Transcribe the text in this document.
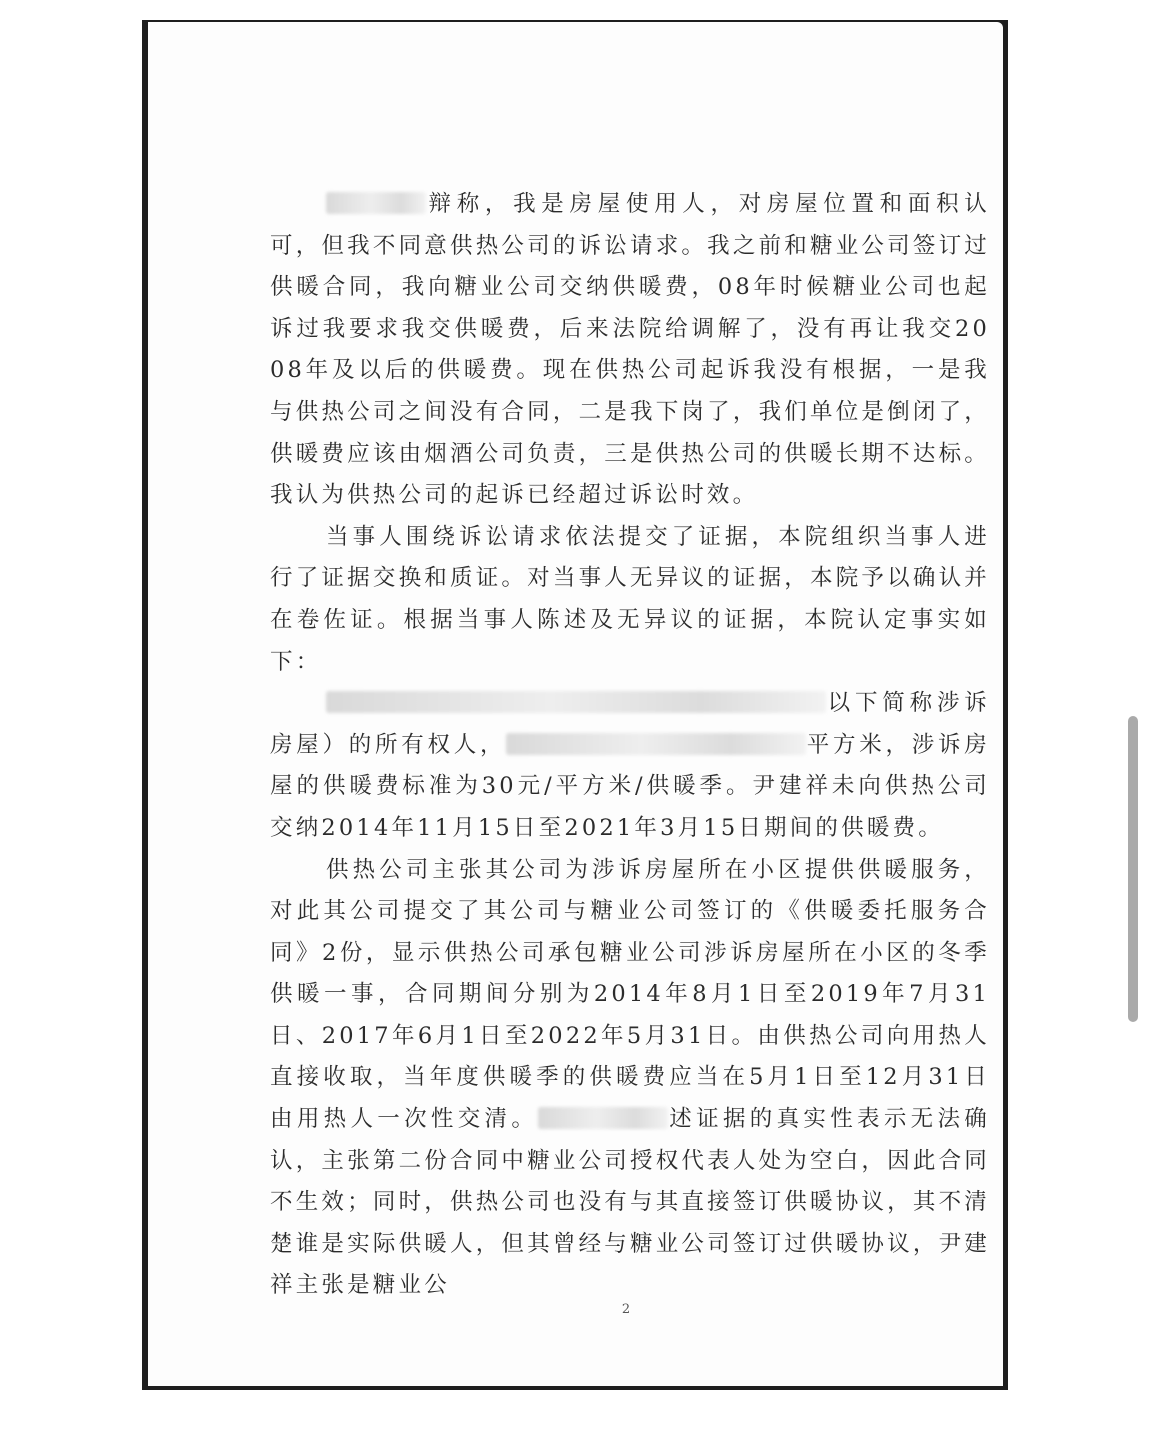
辩称，我是房屋使用人，对房屋位置和面积认可，但我不同意供热公司的诉讼请求。我之前和糖业公司签订过供暖合同，我向糖业公司交纳供暖费，08年时候糖业公司也起诉过我要求我交供暖费，后来法院给调解了，没有再让我交2008年及以后的供暖费。现在供热公司起诉我没有根据，一是我与供热公司之间没有合同，二是我下岗了，我们单位是倒闭了，供暖费应该由烟酒公司负责，三是供热公司的供暖长期不达标。我认为供热公司的起诉已经超过诉讼时效。

当事人围绕诉讼请求依法提交了证据，本院组织当事人进行了证据交换和质证。对当事人无异议的证据，本院予以确认并在卷佐证。根据当事人陈述及无异议的证据，本院认定事实如下：

以下简称涉诉房屋）的所有权人，	平方米，涉诉房屋的供暖费标准为30元/平方米/供暖季。尹建祥未向供热公司交纳2014年11月15日至2021年3月15日期间的供暖费。

供热公司主张其公司为涉诉房屋所在小区提供供暖服务，对此其公司提交了其公司与糖业公司签订的《供暖委托服务合同》2份，显示供热公司承包糖业公司涉诉房屋所在小区的冬季供暖一事，合同期间分别为2014年8月1日至2019年7月31日、2017年6月1日至2022年5月31日。由供热公司向用热人直接收取，当年度供暖季的供暖费应当在5月1日至12月31日由用热人一次性交清。	述证据的真实性表示无法确认，主张第二份合同中糖业公司授权代表人处为空白，因此合同不生效；同时，供热公司也没有与其直接签订供暖协议，其不清楚谁是实际供暖人，但其曾经与糖业公司签订过供暖协议，尹建祥主张是糖业公

2
